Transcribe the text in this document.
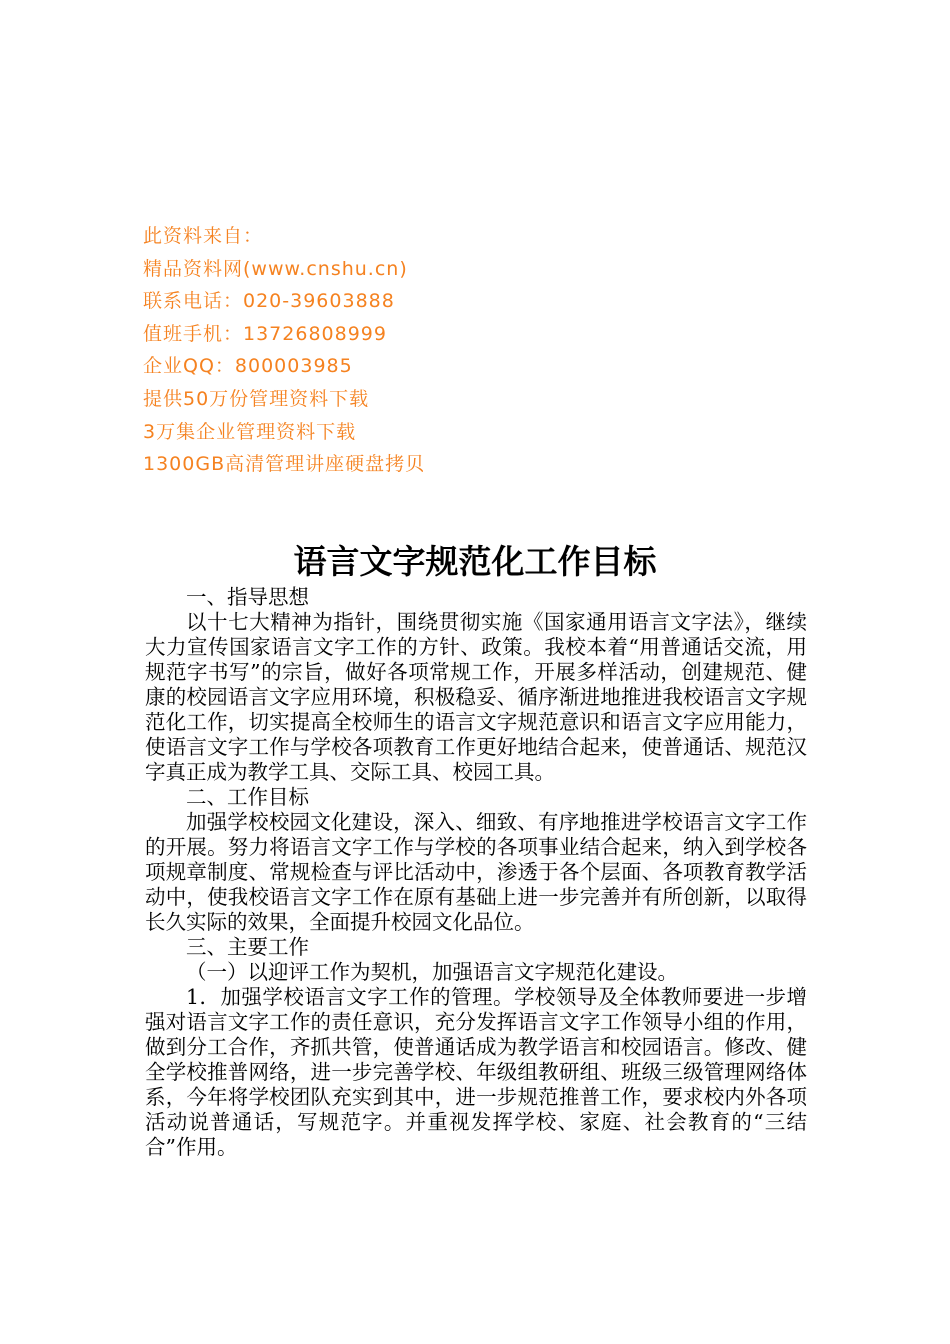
此资料来自：
精品资料网(www.cnshu.cn)
联系电话：020-39603888
值班手机：13726808999
企业QQ：800003985
提供50万份管理资料下载
3万集企业管理资料下载
1300GB高清管理讲座硬盘拷贝
语言文字规范化工作目标

一、指导思想

以十七大精神为指针，围绕贯彻实施《国家通用语言文字法》，继续大力宣传国家语言文字工作的方针、政策。我校本着“用普通话交流，用规范字书写”的宗旨，做好各项常规工作，开展多样活动，创建规范、健康的校园语言文字应用环境，积极稳妥、循序渐进地推进我校语言文字规范化工作，切实提高全校师生的语言文字规范意识和语言文字应用能力，使语言文字工作与学校各项教育工作更好地结合起来，使普通话、规范汉字真正成为教学工具、交际工具、校园工具。

二、工作目标

加强学校校园文化建设，深入、细致、有序地推进学校语言文字工作的开展。努力将语言文字工作与学校的各项事业结合起来，纳入到学校各项规章制度、常规检查与评比活动中，渗透于各个层面、各项教育教学活动中，使我校语言文字工作在原有基础上进一步完善并有所创新，以取得长久实际的效果，全面提升校园文化品位。

三、主要工作

（一）以迎评工作为契机，加强语言文字规范化建设。

1．加强学校语言文字工作的管理。学校领导及全体教师要进一步增强对语言文字工作的责任意识，充分发挥语言文字工作领导小组的作用，做到分工合作，齐抓共管，使普通话成为教学语言和校园语言。修改、健全学校推普网络，进一步完善学校、年级组教研组、班级三级管理网络体系，今年将学校团队充实到其中，进一步规范推普工作，要求校内外各项活动说普通话，写规范字。并重视发挥学校、家庭、社会教育的“三结合”作用。
